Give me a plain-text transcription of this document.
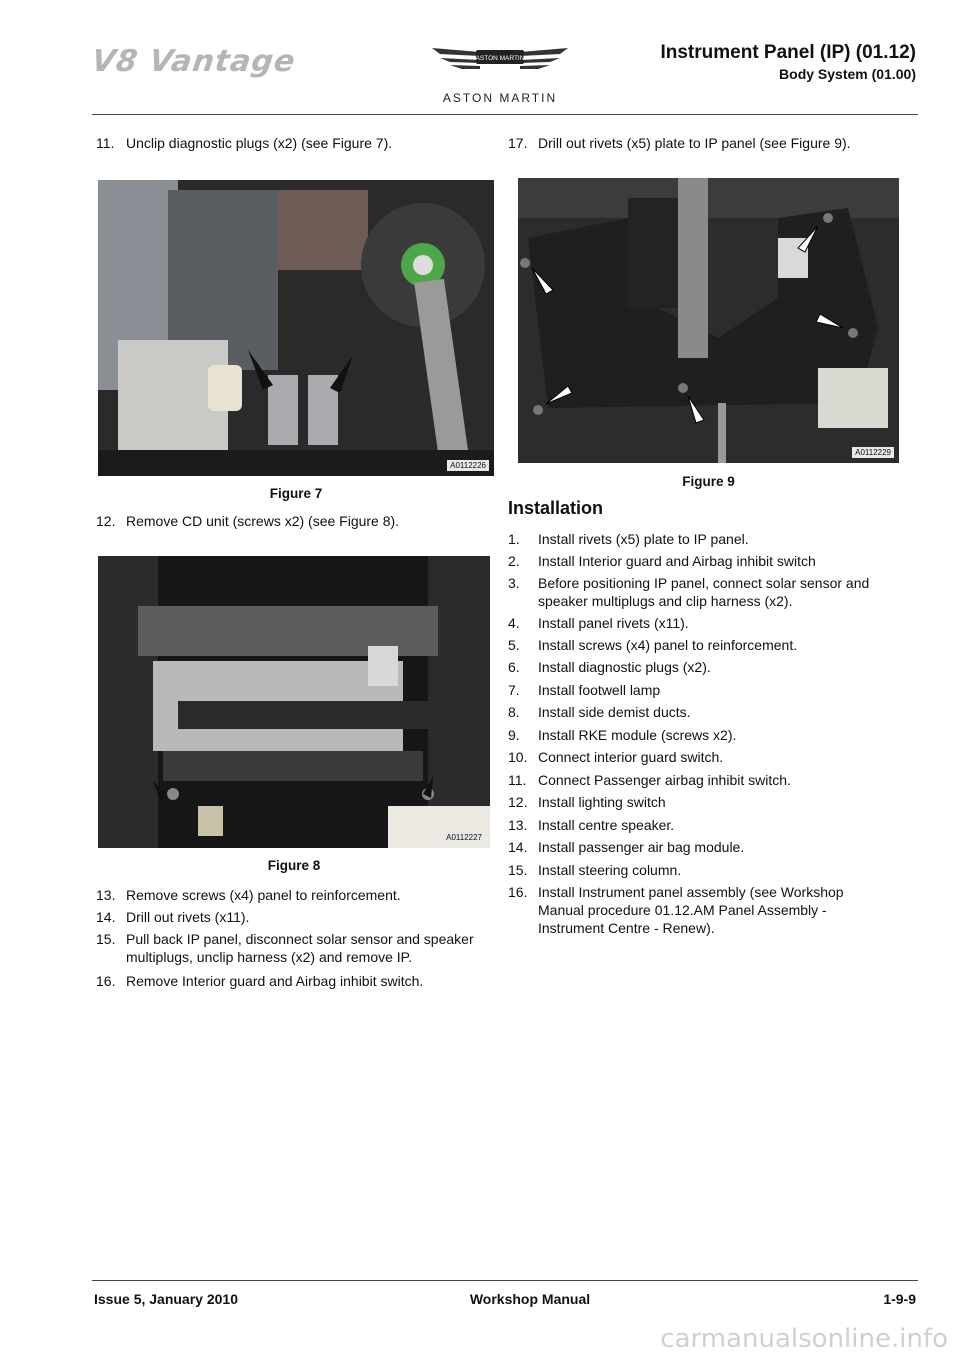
V8 Vantage	ASTON MARTIN
ASTON MARTIN
Instrument Panel (IP) (01.12)
Body System (01.00)
11. Unclip diagnostic plugs (x2) (see Figure 7).
A0112226
Figure 7
12. Remove CD unit (screws x2) (see Figure 8).
A0112227
Figure 8
13. Remove screws (x4) panel to reinforcement.
14. Drill out rivets (x11).
15. Pull back IP panel, disconnect solar sensor and speaker multiplugs, unclip harness (x2) and remove IP.
16. Remove Interior guard and Airbag inhibit switch.
17. Drill out rivets (x5) plate to IP panel (see Figure 9).
A0112229
Figure 9
Installation
1.	Install rivets (x5) plate to IP panel.
2.	Install Interior guard and Airbag inhibit switch
3.	Before positioning IP panel, connect solar sensor and speaker multiplugs and clip harness (x2).
4.	Install panel rivets (x11).
5.	Install screws (x4) panel to reinforcement.
6.	Install diagnostic plugs (x2).
7.	Install footwell lamp
8.	Install side demist ducts.
9.	Install RKE module (screws x2).
10. Connect interior guard switch.
11. Connect Passenger airbag inhibit switch.
12. Install lighting switch
13. Install centre speaker.
14. Install passenger air bag module.
15. Install steering column.
16. Install Instrument panel assembly (see Workshop Manual procedure 01.12.AM Panel Assembly - Instrument Centre - Renew).
Issue 5, January 2010	Workshop Manual	1-9-9
carmanualsonline.info
